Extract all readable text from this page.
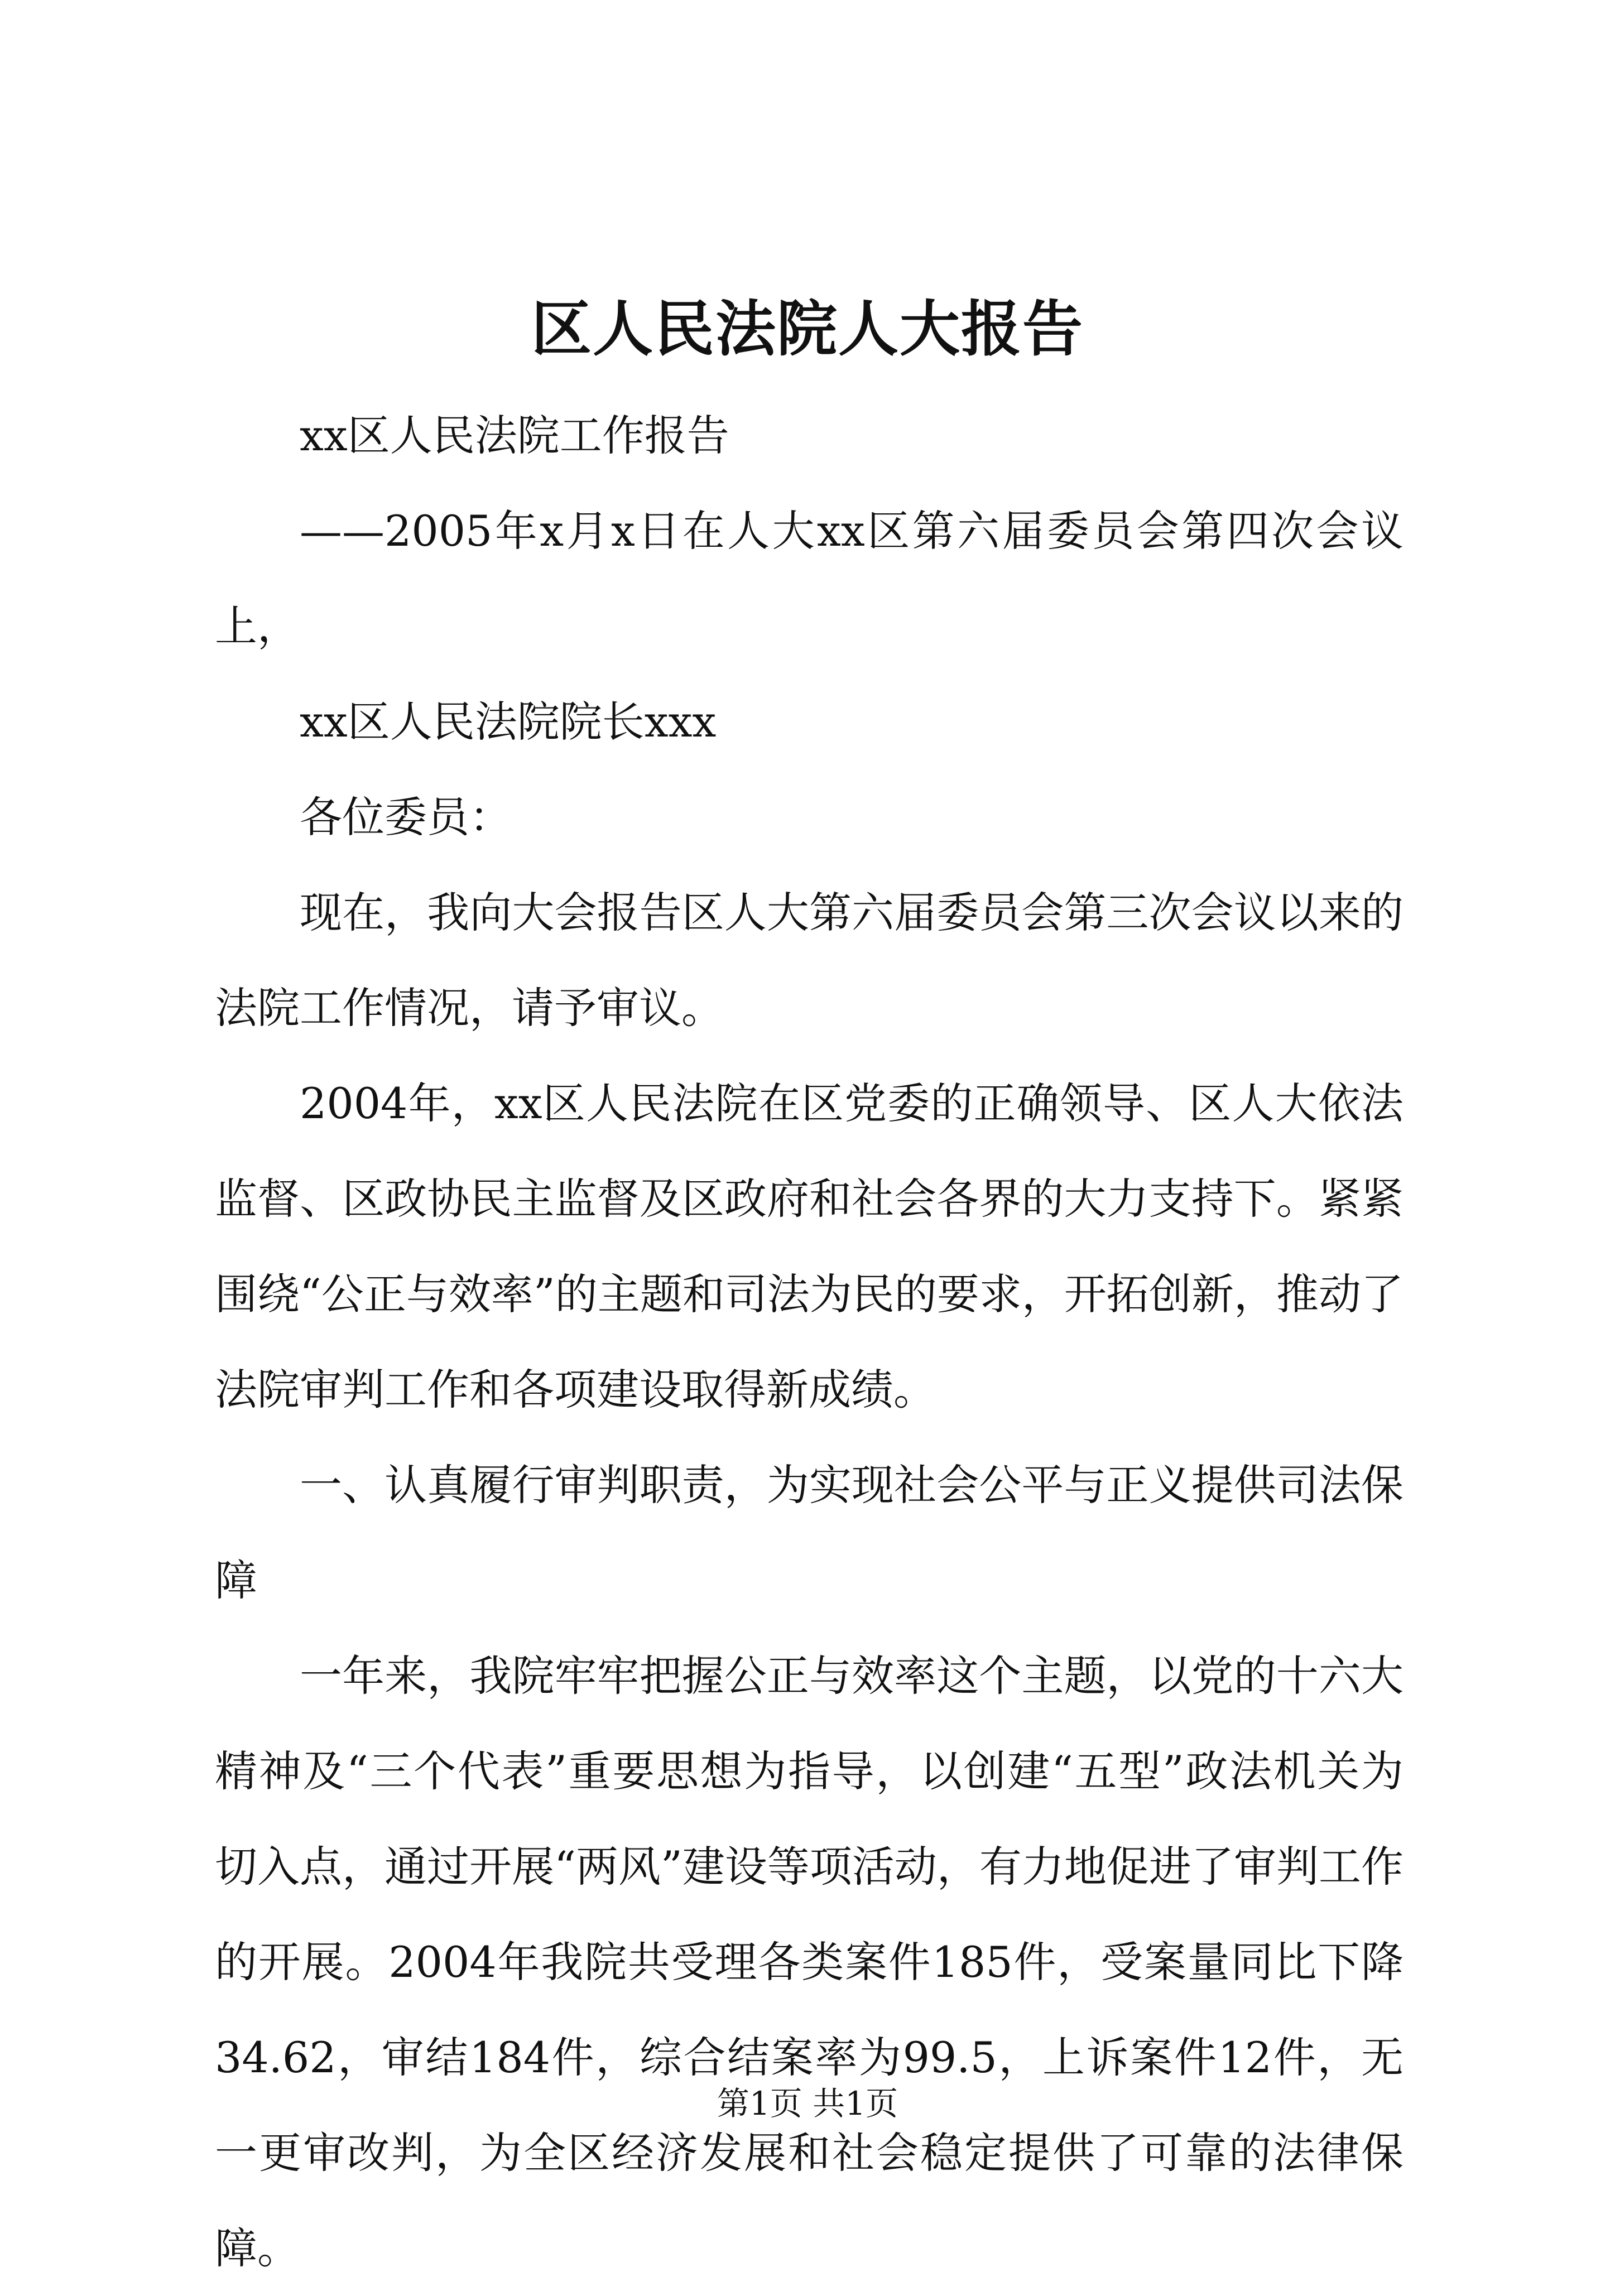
区人民法院人大报告

xx区人民法院工作报告

——2005年x月x日在人大xx区第六届委员会第四次会议上，

xx区人民法院院长xxx

各位委员：

现在，我向大会报告区人大第六届委员会第三次会议以来的法院工作情况，请予审议。

2004年，xx区人民法院在区党委的正确领导、区人大依法监督、区政协民主监督及区政府和社会各界的大力支持下。紧紧围绕“公正与效率”的主题和司法为民的要求，开拓创新，推动了法院审判工作和各项建设取得新成绩。

一、认真履行审判职责，为实现社会公平与正义提供司法保障

一年来，我院牢牢把握公正与效率这个主题，以党的十六大精神及“三个代表”重要思想为指导，以创建“五型”政法机关为切入点，通过开展“两风”建设等项活动，有力地促进了审判工作的开展。2004年我院共受理各类案件185件，受案量同比下降34.62，审结184件，综合结案率为99.5，上诉案件12件，无一更审改判，为全区经济发展和社会稳定提供了可靠的法律保障。

第1页 共1页
